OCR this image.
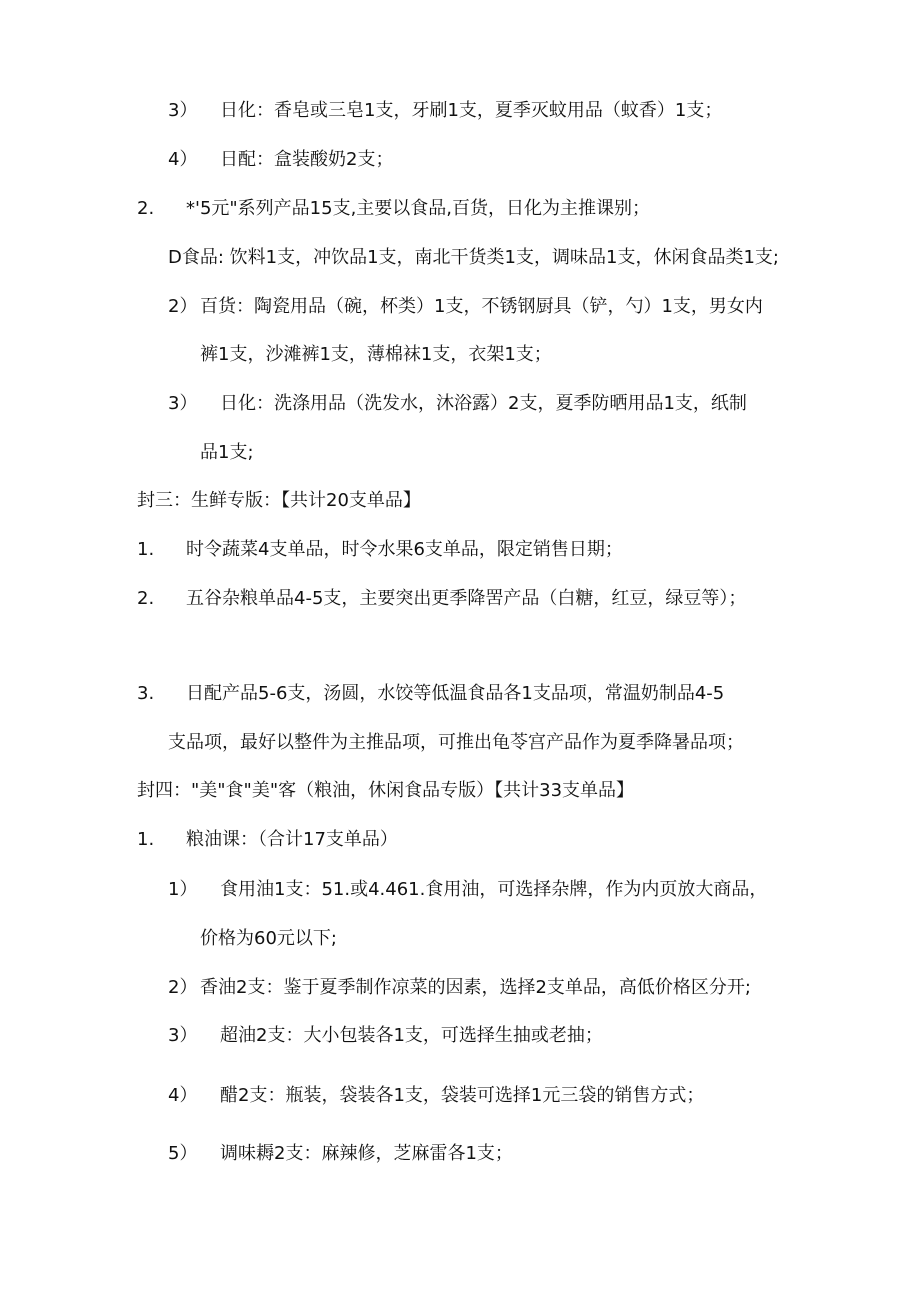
3） 日化：香皂或三皂1支，牙刷1支，夏季灭蚊用品（蚊香）1支；
4） 日配：盒装酸奶2支；
2. *'5元"系列产品15支,主要以食品,百货，日化为主推课别；
D食品: 饮料1支，冲饮品1支，南北干货类1支，调味品1支，休闲食品类1支;
2） 百货：陶瓷用品（碗，杯类）1支，不锈钢厨具（铲，勺）1支，男女内
裤1支，沙滩裤1支，薄棉袜1支，衣架1支；
3） 日化：洗涤用品（洗发水，沐浴露）2支，夏季防晒用品1支，纸制
品1支;
封三：生鲜专版：【共计20支单品】
1. 时令蔬菜4支单品，时令水果6支单品，限定销售日期；
2. 五谷杂粮单品4-5支，主要突出更季降罟产品（白糖，红豆，绿豆等）；
3. 日配产品5-6支，汤圆，水饺等低温食品各1支品项，常温奶制品4-5
支品项，最好以整件为主推品项，可推出龟苓宫产品作为夏季降暑品项；
封四："美"食"美"客（粮油，休闲食品专版）【共计33支单品】
1. 粮油课：（合计17支单品）
1） 食用油1支：51.或4.461.食用油，可选择杂牌，作为内页放大商品，
价格为60元以下;
2） 香油2支：鉴于夏季制作凉菜的因素，选择2支单品，高低价格区分开;
3） 超油2支：大小包装各1支，可选择生抽或老抽；
4） 醋2支：瓶装，袋装各1支，袋装可选择1元三袋的销售方式；
5） 调味耨2支：麻辣修，芝麻雷各1支；
